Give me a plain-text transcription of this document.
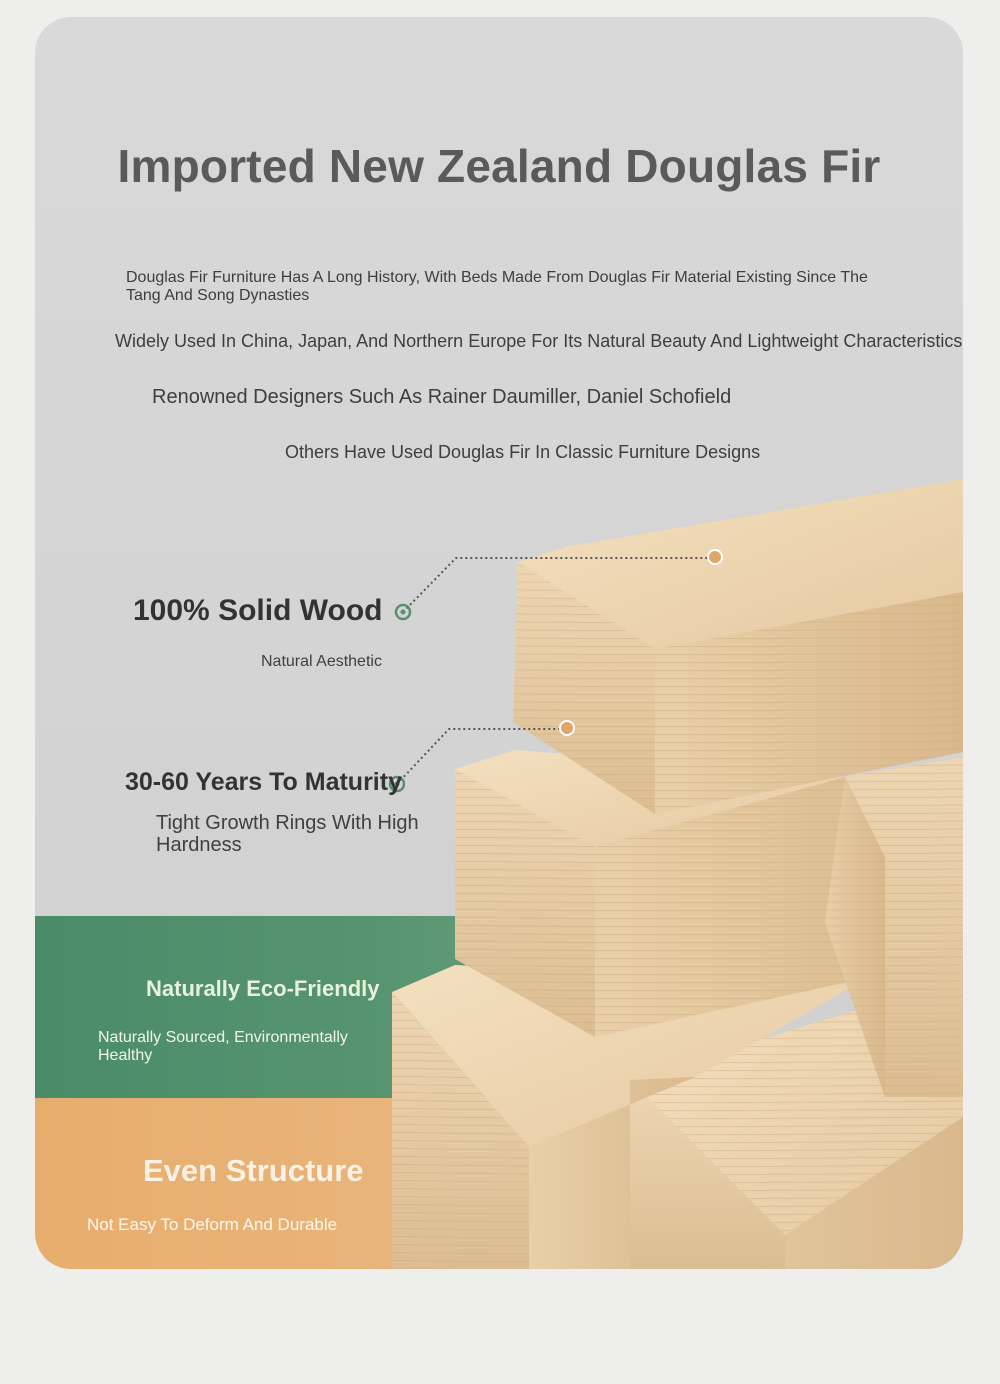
Imported New Zealand Douglas Fir
Douglas Fir Furniture Has A Long History, With Beds Made From Douglas Fir Material Existing Since The Tang And Song Dynasties
Widely Used In China, Japan, And Northern Europe For Its Natural Beauty And Lightweight Characteristics
Renowned Designers Such As Rainer Daumiller, Daniel Schofield
Others Have Used Douglas Fir In Classic Furniture Designs
100% Solid Wood
Natural Aesthetic
30-60 Years To Maturity
Tight Growth Rings With High Hardness
Naturally Eco-Friendly
Naturally Sourced, Environmentally Healthy
Even Structure
Not Easy To Deform And Durable
